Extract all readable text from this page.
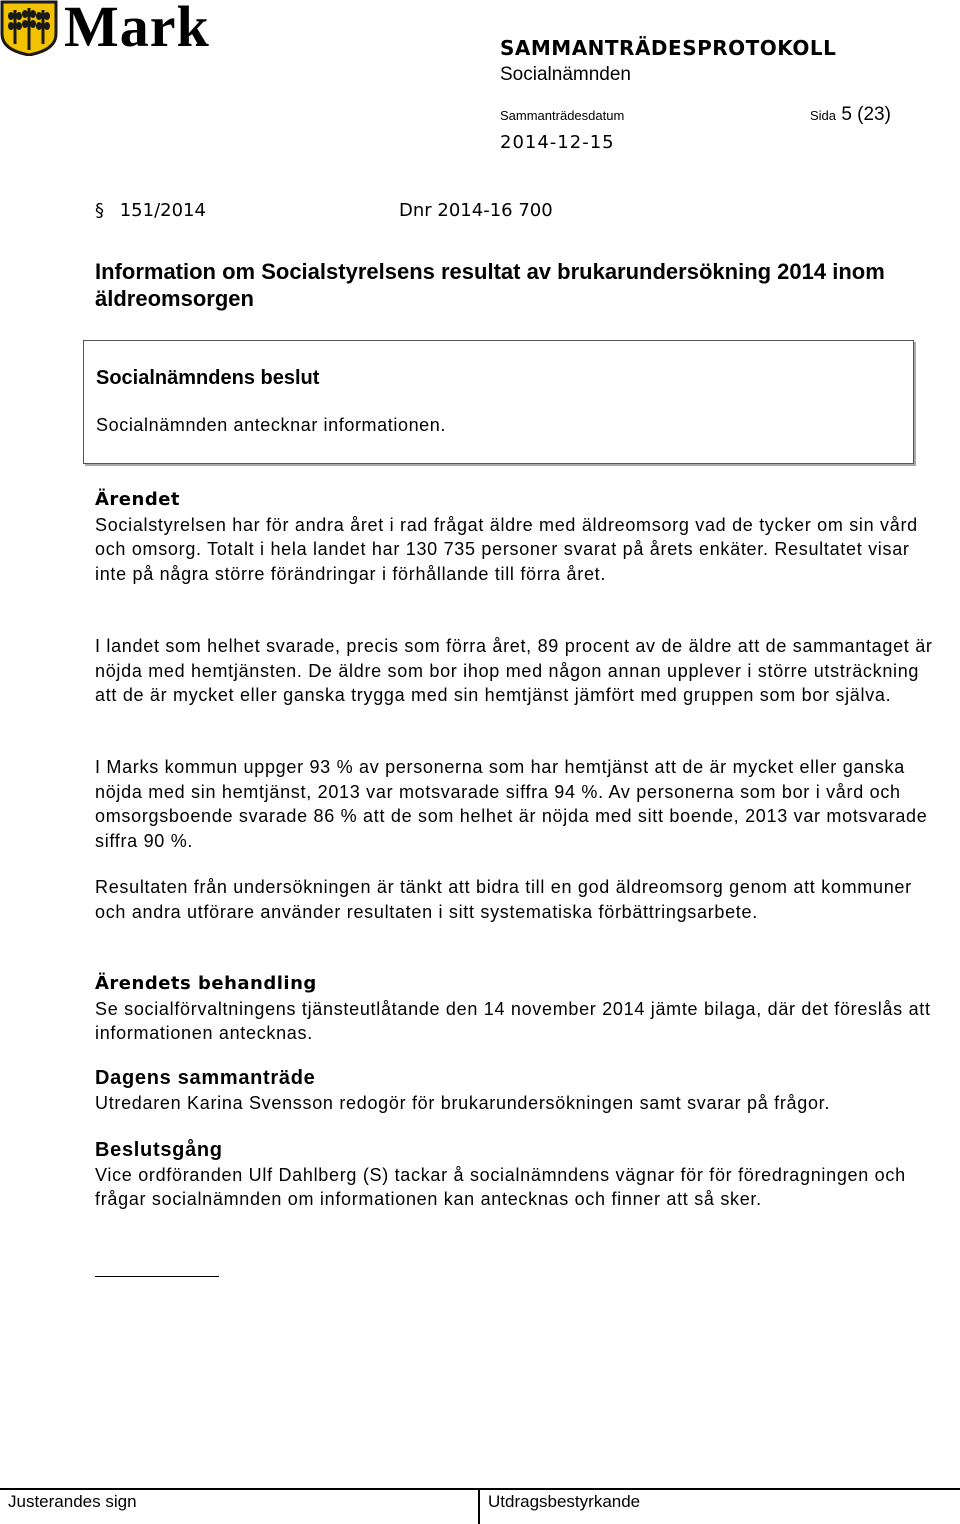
Mark	SAMMANTRÄDESPROTOKOLL
Socialnämnden
Sammanträdesdatum	Sida 5 (23)
2014-12-15
§ 151/2014	Dnr 2014-16 700
Information om Socialstyrelsens resultat av brukarundersökning 2014 inom äldreomsorgen
Socialnämndens beslut
Socialnämnden antecknar informationen.
Ärendet

Socialstyrelsen har för andra året i rad frågat äldre med äldreomsorg vad de tycker om sin vård och omsorg. Totalt i hela landet har 130 735 personer svarat på årets enkäter. Resultatet visar inte på några större förändringar i förhållande till förra året.

I landet som helhet svarade, precis som förra året, 89 procent av de äldre att de sammantaget är nöjda med hemtjänsten. De äldre som bor ihop med någon annan upplever i större utsträckning att de är mycket eller ganska trygga med sin hemtjänst jämfört med gruppen som bor själva.
I Marks kommun uppger 93 % av personerna som har hemtjänst att de är mycket eller ganska nöjda med sin hemtjänst, 2013 var motsvarade siffra 94 %. Av personerna som bor i vård och omsorgsboende svarade 86 % att de som helhet är nöjda med sitt boende, 2013 var motsvarade siffra 90 %.
Resultaten från undersökningen är tänkt att bidra till en god äldreomsorg genom att kommuner och andra utförare använder resultaten i sitt systematiska förbättringsarbete.
Ärendets behandling

Se socialförvaltningens tjänsteutlåtande den 14 november 2014 jämte bilaga, där det föreslås att informationen antecknas.

Dagens sammanträde

Utredaren Karina Svensson redogör för brukarundersökningen samt svarar på frågor.

Beslutsgång

Vice ordföranden Ulf Dahlberg (S) tackar å socialnämndens vägnar för för föredragningen och frågar socialnämnden om informationen kan antecknas och finner att så sker.

Justerandes sign	Utdragsbestyrkande
